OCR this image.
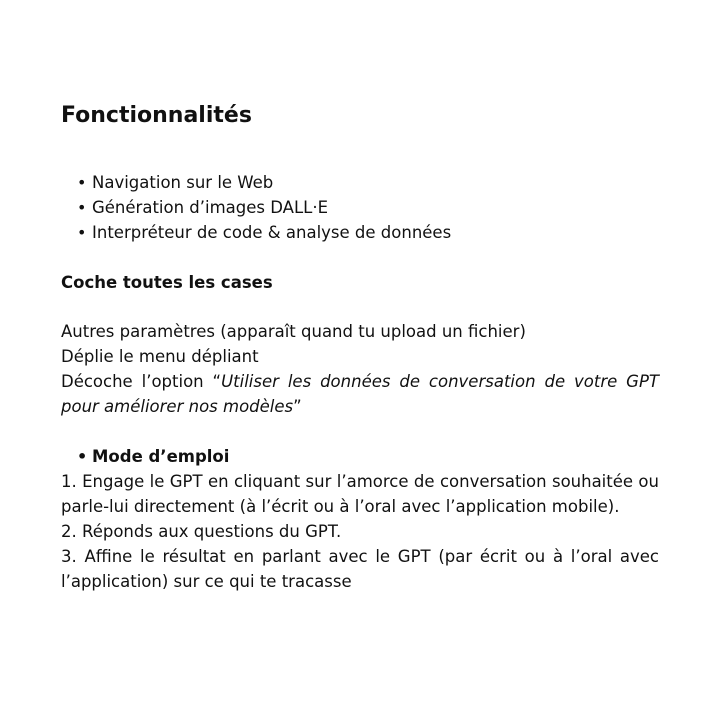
Fonctionnalités
• Navigation sur le Web
• Génération d’images DALL·E
• Interpréteur de code & analyse de données
Coche toutes les cases
Autres paramètres (apparaît quand tu upload un fichier)
Déplie le menu dépliant
Décoche l’option “Utiliser les données de conversation de votre GPT pour améliorer nos modèles”
• Mode d’emploi
1. Engage le GPT en cliquant sur l’amorce de conversation souhaitée ou parle-lui directement (à l’écrit ou à l’oral avec l’application mobile).
2. Réponds aux questions du GPT.
3. Affine le résultat en parlant avec le GPT (par écrit ou à l’oral avec l’application) sur ce qui te tracasse
